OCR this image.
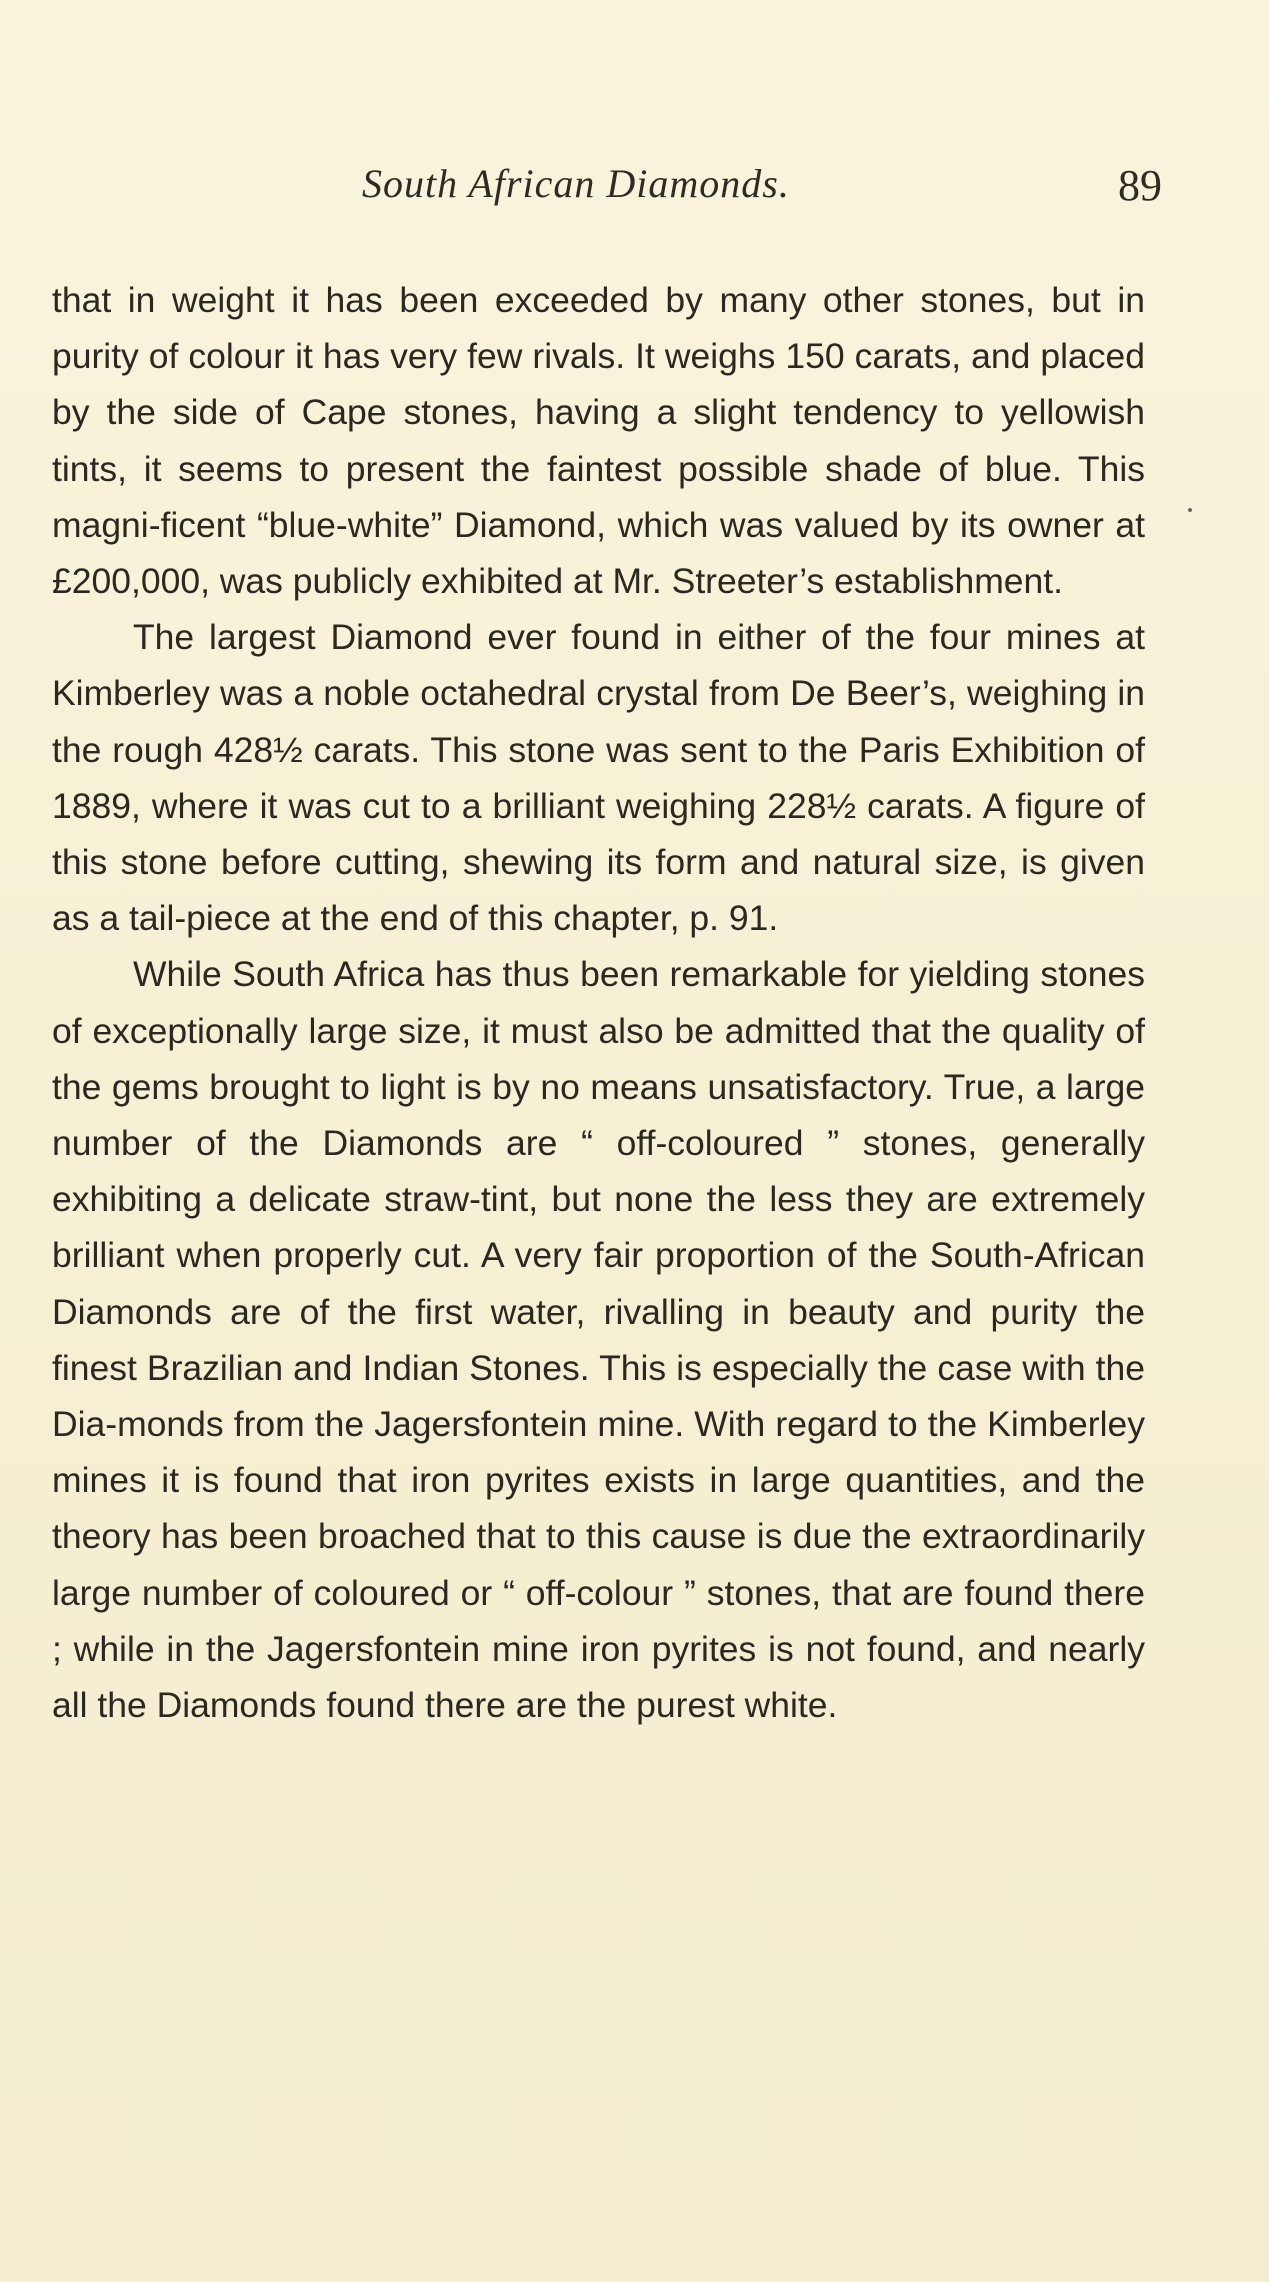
South African Diamonds.	89

that in weight it has been exceeded by many other stones, but in purity of colour it has very few rivals. It weighs 150 carats, and placed by the side of Cape stones, having a slight tendency to yellowish tints, it seems to present the faintest possible shade of blue. This magni-ficent “blue-white” Diamond, which was valued by its owner at £200,000, was publicly exhibited at Mr. Streeter’s establishment.

The largest Diamond ever found in either of the four mines at Kimberley was a noble octahedral crystal from De Beer’s, weighing in the rough 428½ carats. This stone was sent to the Paris Exhibition of 1889, where it was cut to a brilliant weighing 228½ carats. A figure of this stone before cutting, shewing its form and natural size, is given as a tail-piece at the end of this chapter, p. 91.

While South Africa has thus been remarkable for yielding stones of exceptionally large size, it must also be admitted that the quality of the gems brought to light is by no means unsatisfactory. True, a large number of the Diamonds are “ off-coloured ” stones, generally exhibiting a delicate straw-tint, but none the less they are extremely brilliant when properly cut. A very fair proportion of the South-African Diamonds are of the first water, rivalling in beauty and purity the finest Brazilian and Indian Stones. This is especially the case with the Dia-monds from the Jagersfontein mine. With regard to the Kimberley mines it is found that iron pyrites exists in large quantities, and the theory has been broached that to this cause is due the extraordinarily large number of coloured or “ off-colour ” stones, that are found there ; while in the Jagersfontein mine iron pyrites is not found, and nearly all the Diamonds found there are the purest white.
